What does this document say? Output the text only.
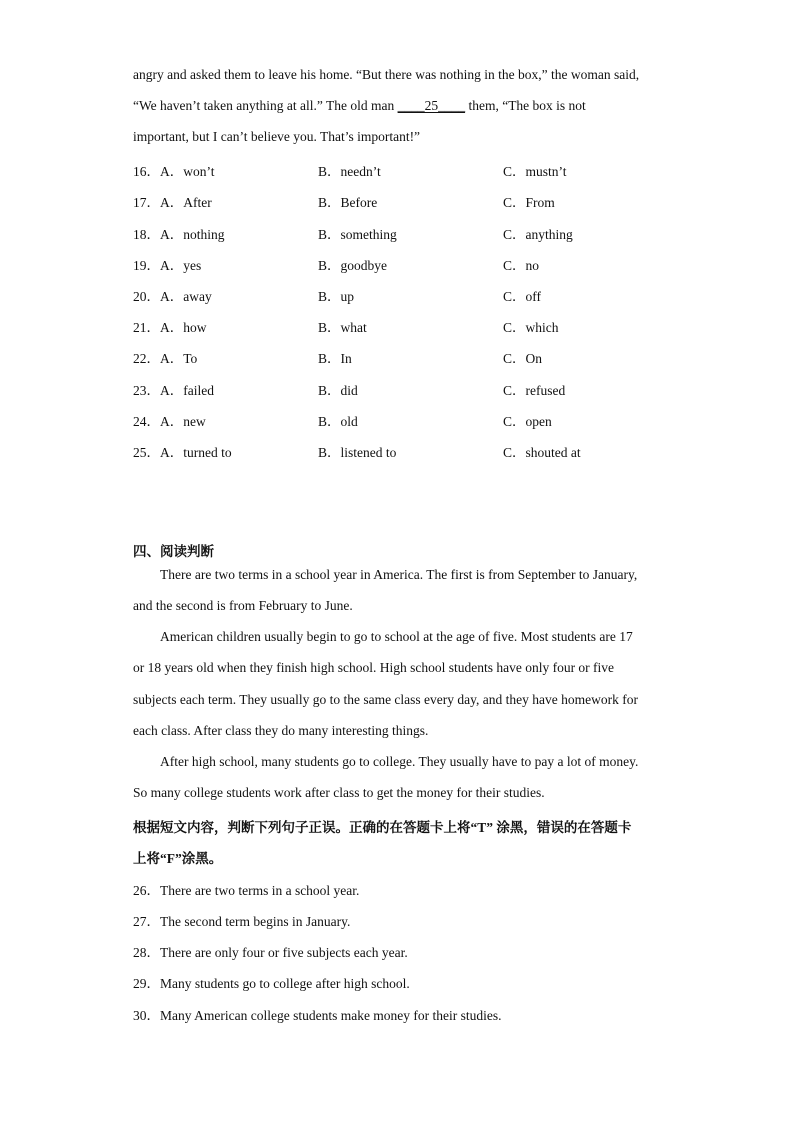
angry and asked them to leave his home. “But there was nothing in the box,” the woman said,
“We haven’t taken anything at all.” The old man ____25____ them, “The box is not
important, but I can’t believe you. That’s important!”
16．A．won’t	B．needn’t	C．mustn’t
17．A．After	B．Before	C．From
18．A．nothing	B．something	C．anything
19．A．yes	B．goodbye	C．no
20．A．away	B．up	C．off
21．A．how	B．what	C．which
22．A．To	B．In	C．On
23．A．failed	B．did	C．refused
24．A．new	B．old	C．open
25．A．turned to	B．listened to	C．shouted at
四、阅读判断
There are two terms in a school year in America. The first is from September to January,
and the second is from February to June.
American children usually begin to go to school at the age of five. Most students are 17
or 18 years old when they finish high school. High school students have only four or five
subjects each term. They usually go to the same class every day, and they have homework for
each class. After class they do many interesting things.
After high school, many students go to college. They usually have to pay a lot of money.
So many college students work after class to get the money for their studies.
根据短文内容，判断下列句子正误。正确的在答题卡上将“T” 涂黑，错误的在答题卡
上将“F”涂黑。
26．There are two terms in a school year.
27．The second term begins in January.
28．There are only four or five subjects each year.
29．Many students go to college after high school.
30．Many American college students make money for their studies.
